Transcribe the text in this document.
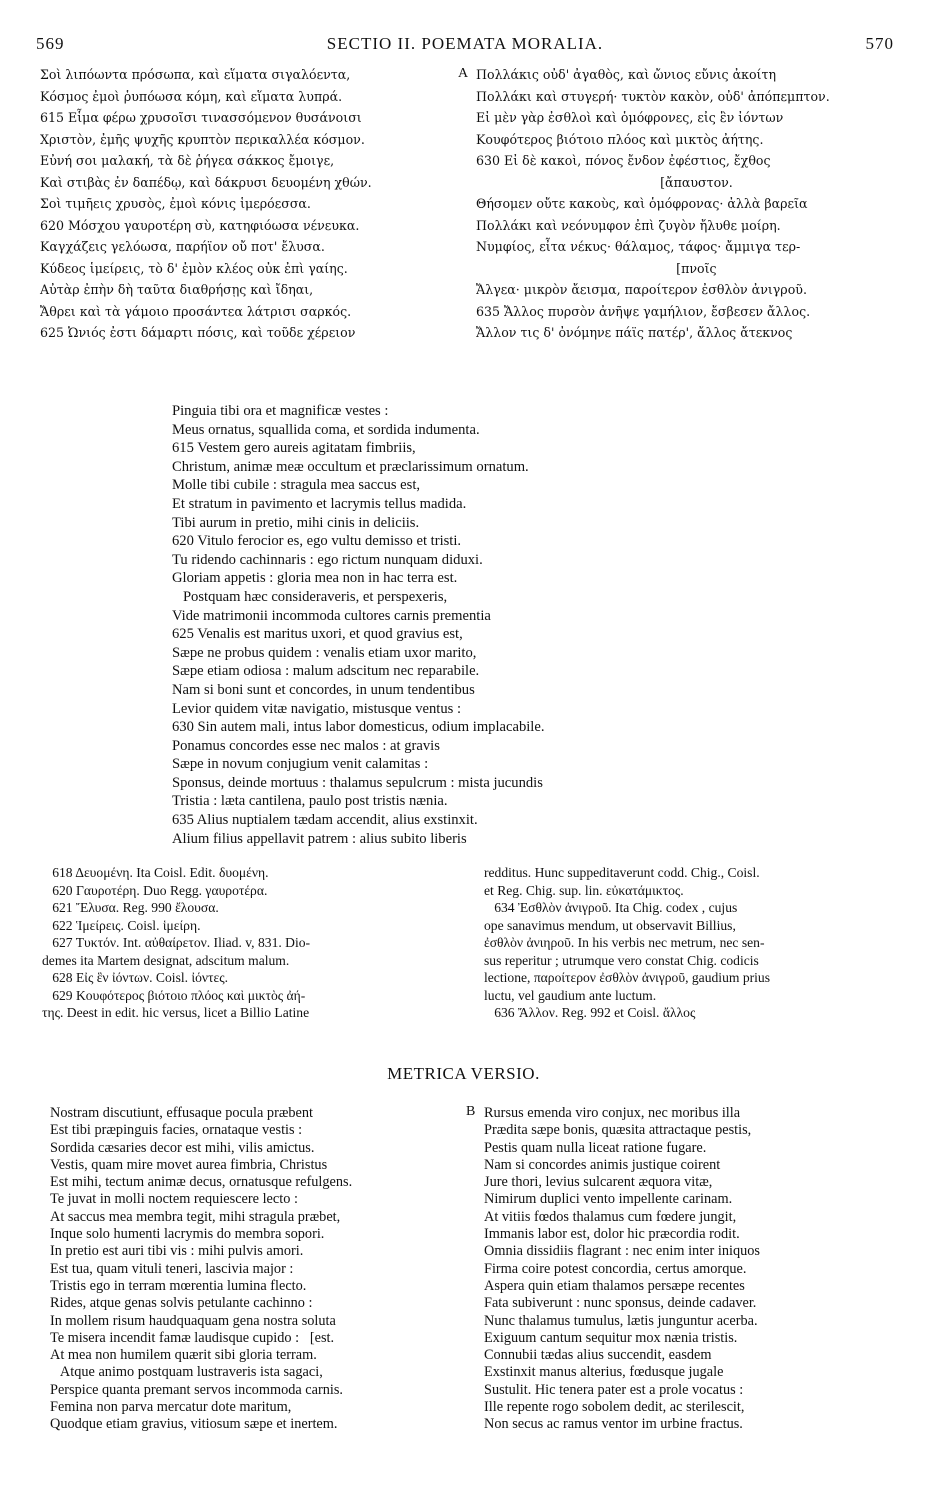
569	SECTIO II. POEMATA MORALIA.	570
Σοὶ λιπόωντα πρόσωπα, καὶ εἵματα σιγαλόεντα,
Κόσμος ἐμοὶ ῥυπόωσα κόμη, καὶ εἵματα λυπρά.
615 Εἷμα φέρω χρυσοῖσι τινασσόμενον θυσάνοισι
Χριστὸν, ἐμῆς ψυχῆς κρυπτὸν περικαλλέα κόσμον.
Εὐνή σοι μαλακή, τὰ δὲ ῥήγεα σάκκος ἔμοιγε,
Καὶ στιβὰς ἐν δαπέδῳ, καὶ δάκρυσι δευομένη χθών.
Σοὶ τιμῆεις χρυσὸς, ἐμοὶ κόνις ἱμερόεσσα.
620 Μόσχου γαυροτέρη σὺ, κατηφιόωσα νένευκα.
Καγχάζεις γελόωσα, παρήϊον οὔ ποτ' ἔλυσα.
Κύδεος ἱμείρεις, τὸ δ' ἐμὸν κλέος οὐκ ἐπὶ γαίης.
Αὐτὰρ ἐπὴν δὴ ταῦτα διαθρήσῃς καὶ ἴδηαι,
Ἄθρει καὶ τὰ γάμοιο προσάντεα λάτρισι σαρκός.
625 Ὠνιός ἐστι δάμαρτι πόσις, καὶ τοῦδε χέρειον
A Πολλάκις οὐδ' ἀγαθὸς, καὶ ὤνιος εὔνις ἀκοίτη
Πολλάκι καὶ στυγερή· τυκτὸν κακὸν, οὐδ' ἀπόπεμπτον.
Εἰ μὲν γὰρ ἐσθλοὶ καὶ ὁμόφρονες, εἰς ἓν ἰόντων
Κουφότερος βιότοιο πλόος καὶ μικτὸς ἀήτης.
630 Εἰ δὲ κακοὶ, πόνος ἔνδον ἐφέστιος, ἔχθος
[ἄπαυστον.
Θήσομεν οὔτε κακοὺς, καὶ ὁμόφρονας· ἀλλὰ βαρεῖα
Πολλάκι καὶ νεόνυμφον ἐπὶ ζυγὸν ἤλυθε μοίρη.
Νυμφίος, εἶτα νέκυς· θάλαμος, τάφος· ἄμμιγα τερ-
[πνοῖς
Ἄλγεα· μικρὸν ἄεισμα, παροίτερον ἐσθλὸν ἀνιγροῦ.
635 Ἄλλος πυρσὸν ἀνῆψε γαμήλιον, ἔσβεσεν ἄλλος.
Ἄλλον τις δ' ὀνόμηνε πάϊς πατέρ', ἄλλος ἄτεκνος
Pinguia tibi ora et magnificæ vestes :
Meus ornatus, squallida coma, et sordida indumenta.
615 Vestem gero aureis agitatam fimbriis,
Christum, animæ meæ occultum et præclarissimum ornatum.
Molle tibi cubile : stragula mea saccus est,
Et stratum in pavimento et lacrymis tellus madida.
Tibi aurum in pretio, mihi cinis in deliciis.
620 Vitulo ferocior es, ego vultu demisso et tristi.
Tu ridendo cachinnaris : ego rictum nunquam diduxi.
Gloriam appetis : gloria mea non in hac terra est.
Postquam hæc consideraveris, et perspexeris,
Vide matrimonii incommoda cultores carnis prementia
625 Venalis est maritus uxori, et quod gravius est,
Sæpe ne probus quidem : venalis etiam uxor marito,
Sæpe etiam odiosa : malum adscitum nec reparabile.
Nam si boni sunt et concordes, in unum tendentibus
Levior quidem vitæ navigatio, mistusque ventus :
630 Sin autem mali, intus labor domesticus, odium implacabile.
Ponamus concordes esse nec malos : at gravis
Sæpe in novum conjugium venit calamitas :
Sponsus, deinde mortuus : thalamus sepulcrum : mista jucundis
Tristia : læta cantilena, paulo post tristis nænia.
635 Alius nuptialem tædam accendit, alius exstinxit.
Alium filius appellavit patrem : alius subito liberis
618 Δευομένη. Ita Coisl. Edit. δυομένη.
620 Γαυροτέρη. Duo Regg. γαυροτέρα.
621 Ἔλυσα. Reg. 990 ἔλουσα.
622 Ἱμείρεις. Coisl. ἱμείρη.
627 Τυκτόν. Int. αὐθαίρετον. Iliad. v, 831. Dio-
demes ita Martem designat, adscitum malum.
628 Εἰς ἓν ἰόντων. Coisl. ἰόντες.
629 Κουφότερος βιότοιο πλόος καὶ μικτὸς ἀή-
της. Deest in edit. hic versus, licet a Billio Latine
redditus. Hunc suppeditaverunt codd. Chig., Coisl.
et Reg. Chig. sup. lin. εὐκατάμικτος.
634 Ἐσθλὸν ἀνιγροῦ. Ita Chig. codex , cujus
ope sanavimus mendum, ut observavit Billius,
ἐσθλὸν ἀνιηροῦ. In his verbis nec metrum, nec sen-
sus reperitur ; utrumque vero constat Chig. codicis
lectione, παροίτερον ἐσθλὸν ἀνιγροῦ, gaudium prius
luctu, vel gaudium ante luctum.
636 Ἄλλον. Reg. 992 et Coisl. ἄλλος
METRICA VERSIO.
Nostram discutiunt, effusaque pocula præbent
Est tibi præpinguis facies, ornataque vestis :
Sordida cæsaries decor est mihi, vilis amictus.
Vestis, quam mire movet aurea fimbria, Christus
Est mihi, tectum animæ decus, ornatusque refulgens.
Te juvat in molli noctem requiescere lecto :
At saccus mea membra tegit, mihi stragula præbet,
Inque solo humenti lacrymis do membra sopori.
In pretio est auri tibi vis : mihi pulvis amori.
Est tua, quam vituli teneri, lascivia major :
Tristis ego in terram mœrentia lumina flecto.
Rides, atque genas solvis petulante cachinno :
In mollem risum haudquaquam gena nostra soluta
Te misera incendit famæ laudisque cupido :   [est.
At mea non humilem quærit sibi gloria terram.
Atque animo postquam lustraveris ista sagaci,
Perspice quanta premant servos incommoda carnis.
Femina non parva mercatur dote maritum,
Quodque etiam gravius, vitiosum sæpe et inertem.
B Rursus emenda viro conjux, nec moribus illa
Prædita sæpe bonis, quæsita attractaque pestis,
Pestis quam nulla liceat ratione fugare.
Nam si concordes animis justique coirent
Jure thori, levius sulcarent æquora vitæ,
Nimirum duplici vento impellente carinam.
At vitiis fœdos thalamus cum fœdere jungit,
Immanis labor est, dolor hic præcordia rodit.
Omnia dissidiis flagrant : nec enim inter iniquos
Firma coire potest concordia, certus amorque.
Aspera quin etiam thalamos persæpe recentes
Fata subiverunt : nunc sponsus, deinde cadaver.
Nunc thalamus tumulus, lætis junguntur acerba.
Exiguum cantum sequitur mox nænia tristis.
Connubii tædas alius succendit, easdem
Exstinxit manus alterius, fœdusque jugale
Sustulit. Hic tenera pater est a prole vocatus :
Ille repente rogo sobolem dedit, ac sterilescit,
Non secus ac ramus ventor im urbine fractus.
